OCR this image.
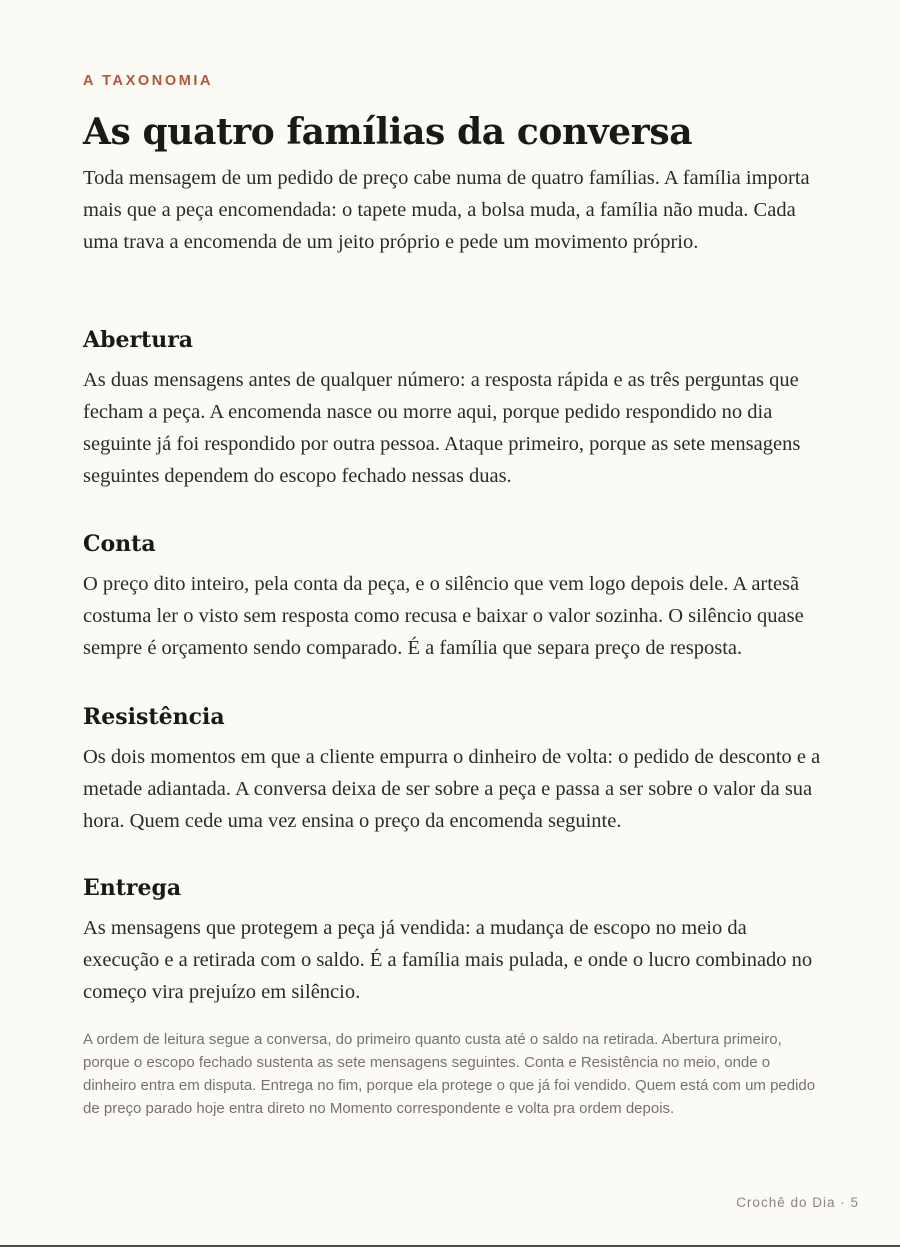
A TAXONOMIA
As quatro famílias da conversa

Toda mensagem de um pedido de preço cabe numa de quatro famílias. A família importa mais que a peça encomendada: o tapete muda, a bolsa muda, a família não muda. Cada uma trava a encomenda de um jeito próprio e pede um movimento próprio.

Abertura

As duas mensagens antes de qualquer número: a resposta rápida e as três perguntas que fecham a peça. A encomenda nasce ou morre aqui, porque pedido respondido no dia seguinte já foi respondido por outra pessoa. Ataque primeiro, porque as sete mensagens seguintes dependem do escopo fechado nessas duas.

Conta

O preço dito inteiro, pela conta da peça, e o silêncio que vem logo depois dele. A artesã costuma ler o visto sem resposta como recusa e baixar o valor sozinha. O silêncio quase sempre é orçamento sendo comparado. É a família que separa preço de resposta.

Resistência

Os dois momentos em que a cliente empurra o dinheiro de volta: o pedido de desconto e a metade adiantada. A conversa deixa de ser sobre a peça e passa a ser sobre o valor da sua hora. Quem cede uma vez ensina o preço da encomenda seguinte.

Entrega

As mensagens que protegem a peça já vendida: a mudança de escopo no meio da execução e a retirada com o saldo. É a família mais pulada, e onde o lucro combinado no começo vira prejuízo em silêncio.

A ordem de leitura segue a conversa, do primeiro quanto custa até o saldo na retirada. Abertura primeiro, porque o escopo fechado sustenta as sete mensagens seguintes. Conta e Resistência no meio, onde o dinheiro entra em disputa. Entrega no fim, porque ela protege o que já foi vendido. Quem está com um pedido de preço parado hoje entra direto no Momento correspondente e volta pra ordem depois.

Crochê do Dia · 5
